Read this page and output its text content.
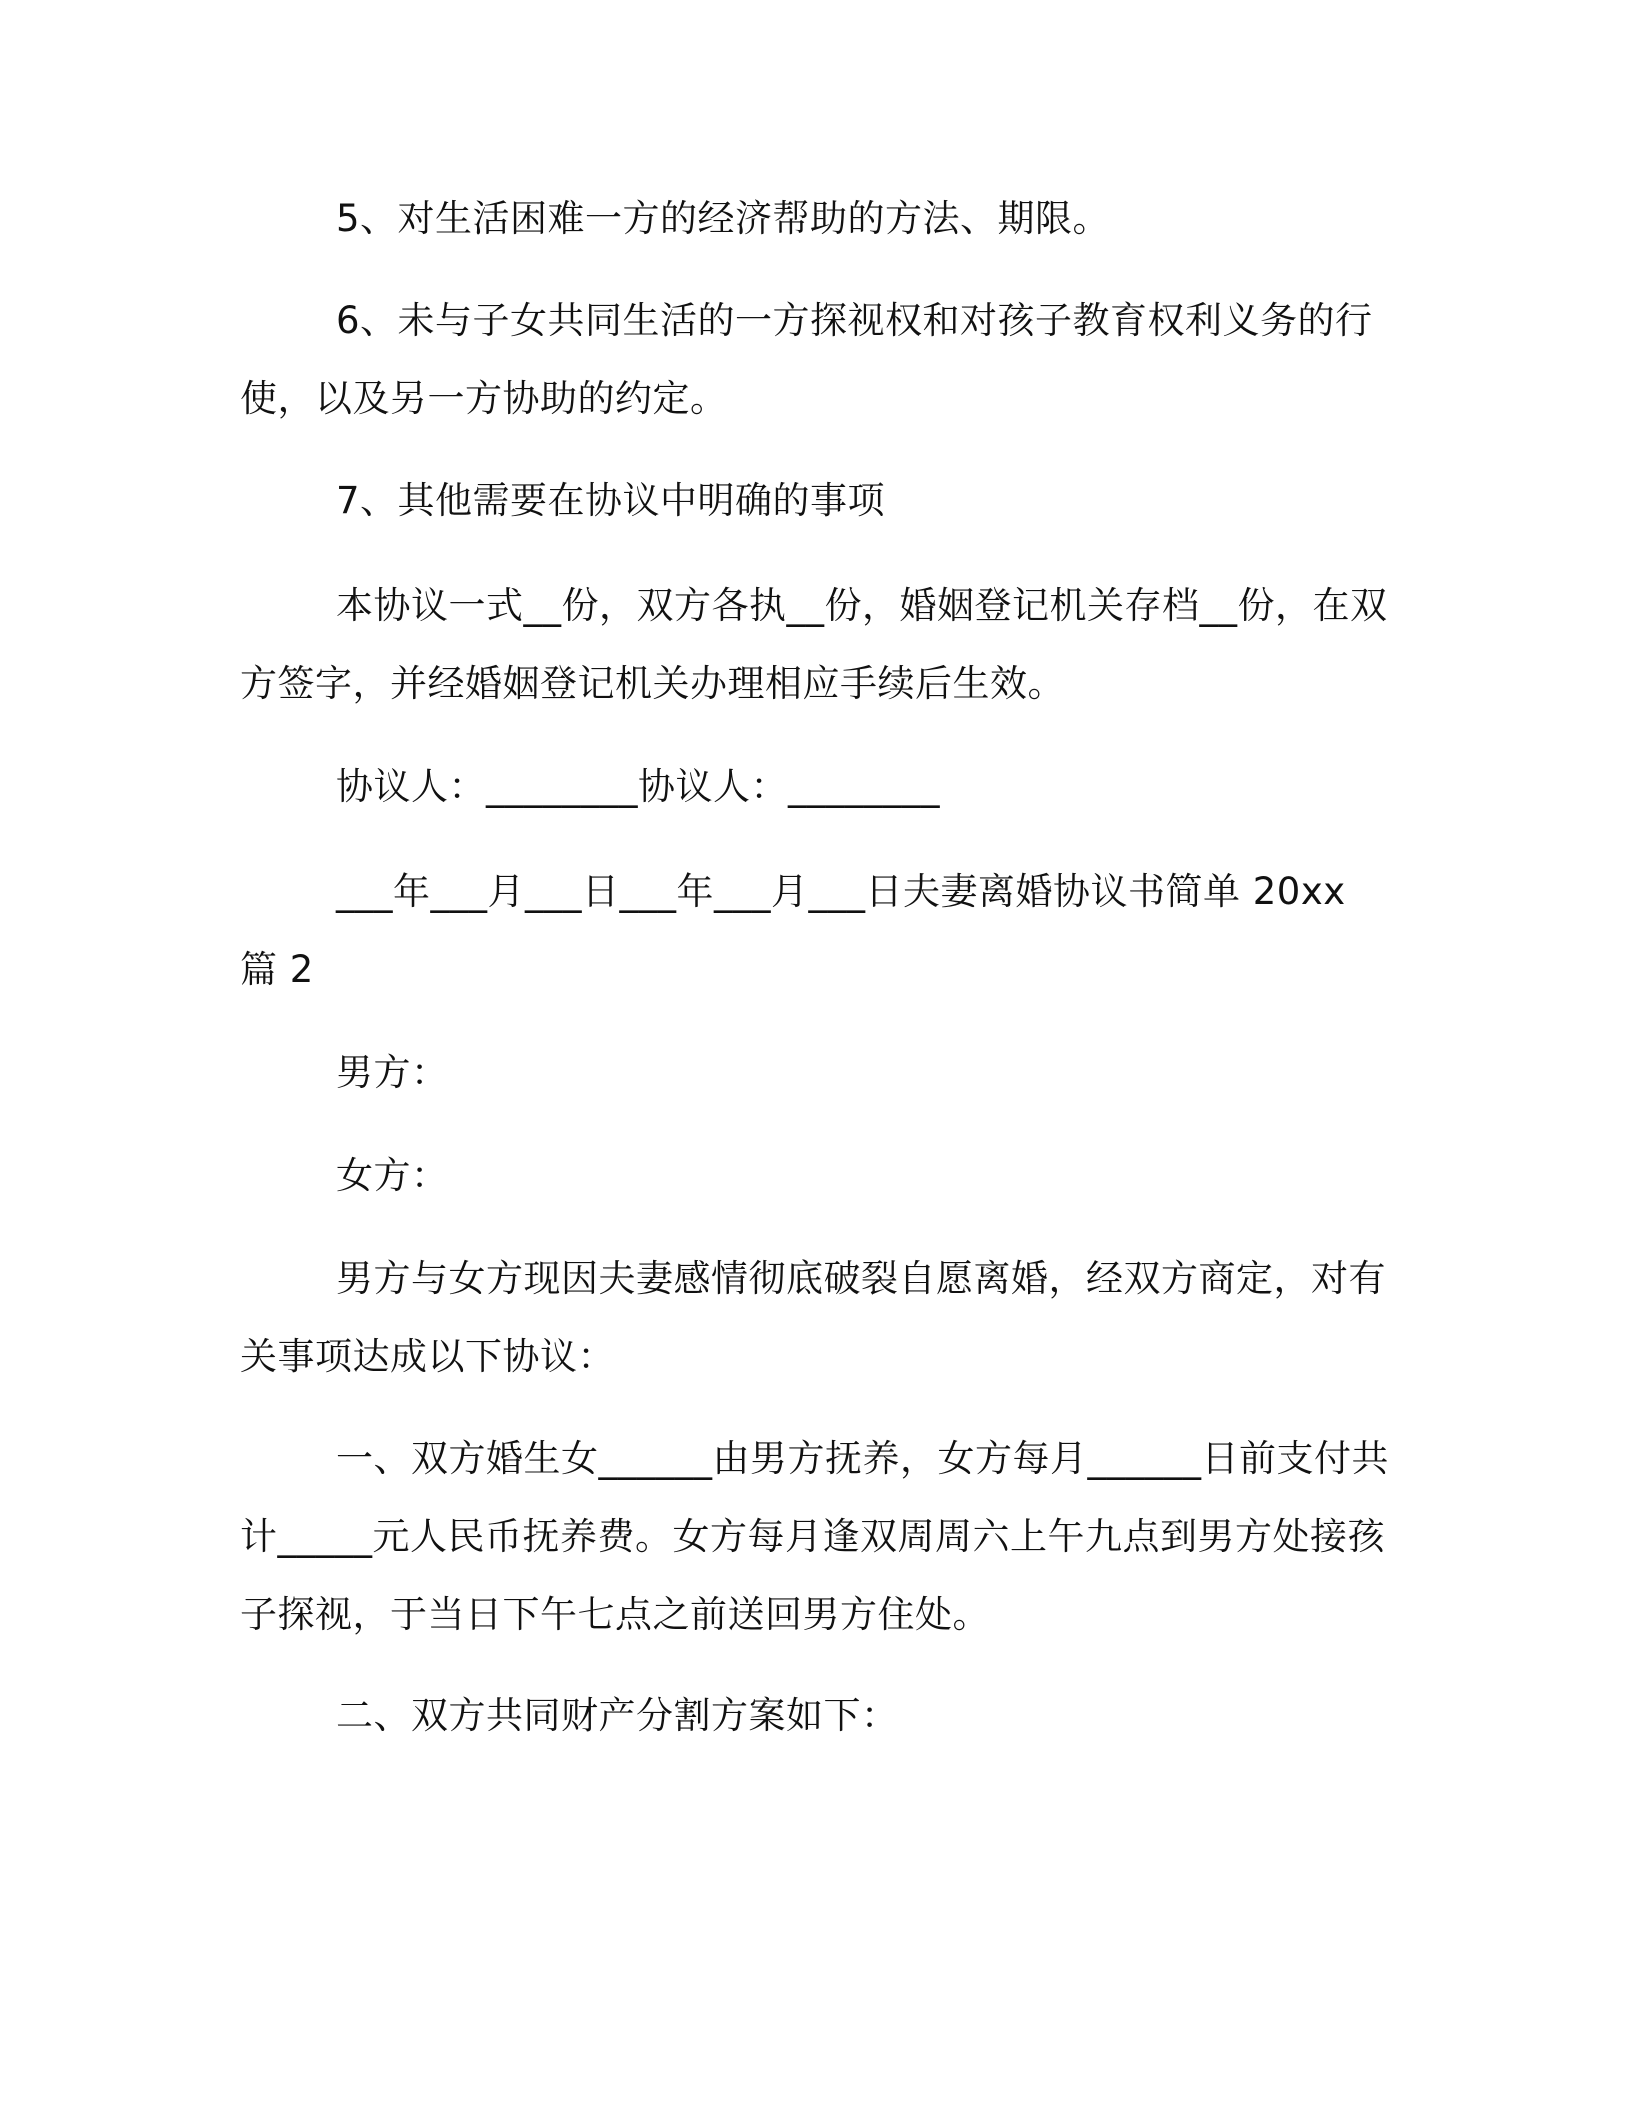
5、对生活困难一方的经济帮助的方法、期限。

6、未与子女共同生活的一方探视权和对孩子教育权利义务的行使，以及另一方协助的约定。

7、其他需要在协议中明确的事项

本协议一式__份，双方各执__份，婚姻登记机关存档__份，在双方签字，并经婚姻登记机关办理相应手续后生效。

协议人：________协议人：________

___年___月___日___年___月___日夫妻离婚协议书简单 20xx 篇 2

男方：

女方：

男方与女方现因夫妻感情彻底破裂自愿离婚，经双方商定，对有关事项达成以下协议：

一、双方婚生女______由男方抚养，女方每月______日前支付共计_____元人民币抚养费。女方每月逢双周周六上午九点到男方处接孩子探视，于当日下午七点之前送回男方住处。

二、双方共同财产分割方案如下：
